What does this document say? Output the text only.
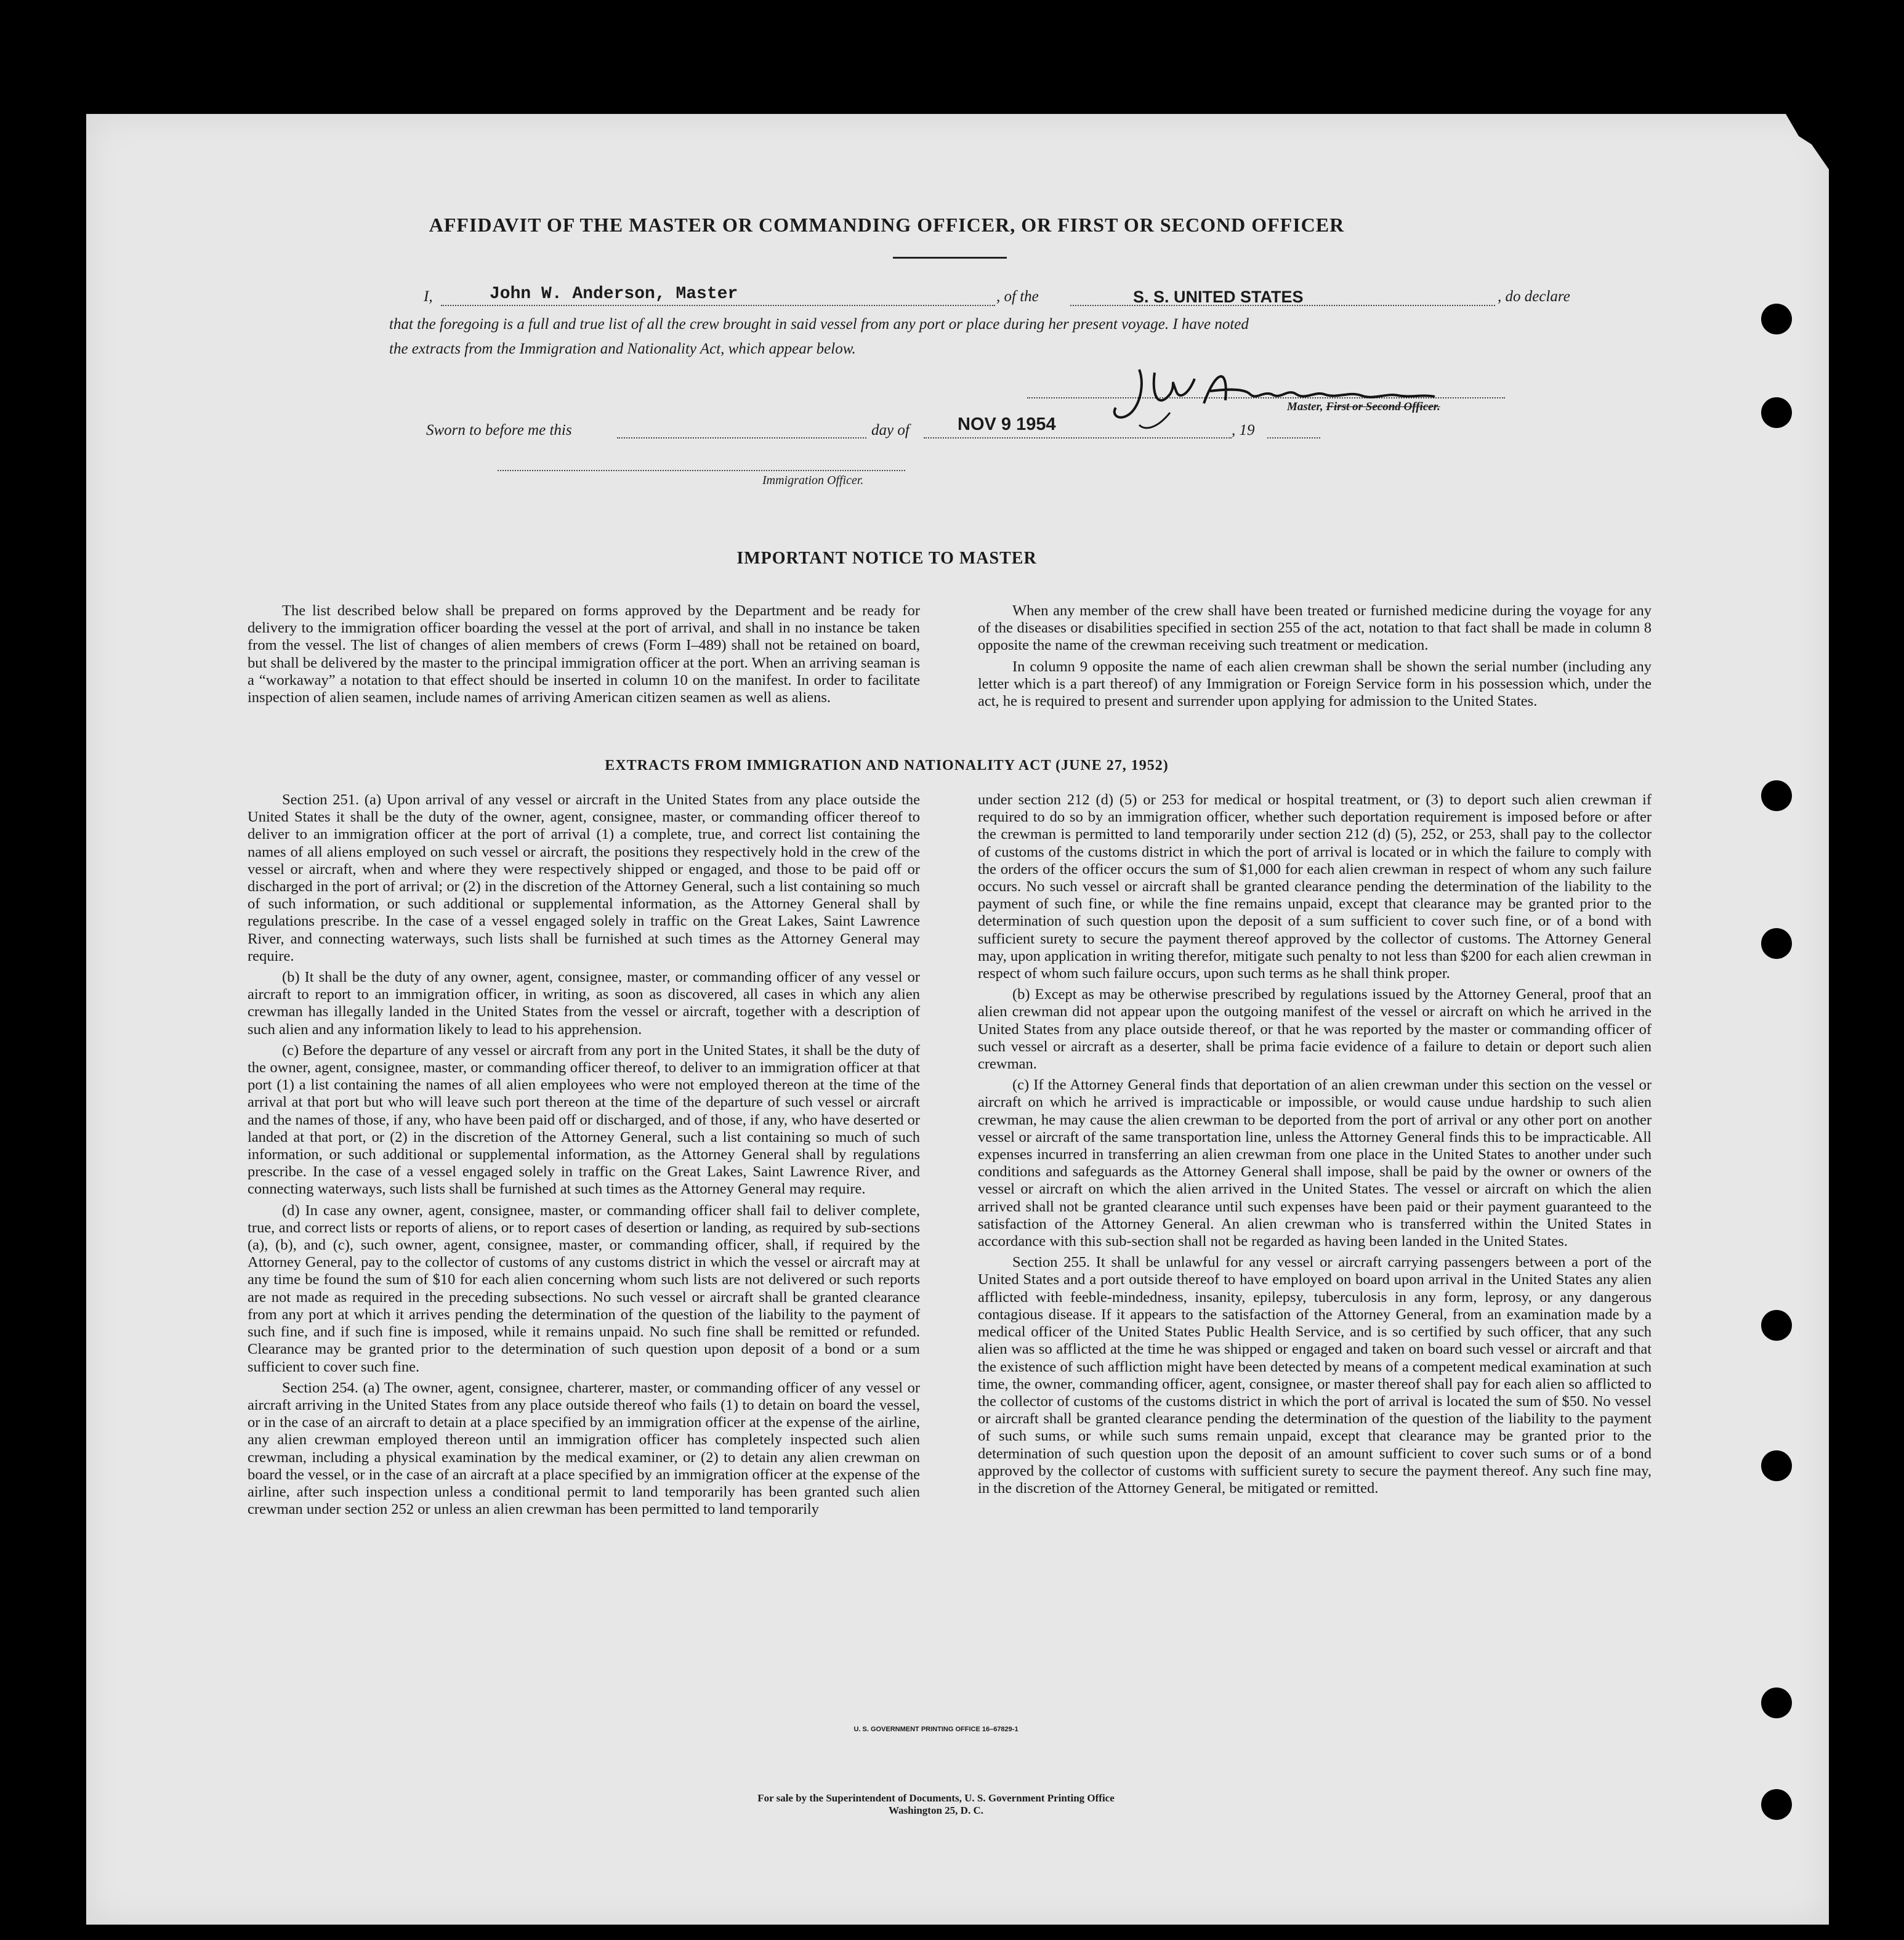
AFFIDAVIT OF THE MASTER OR COMMANDING OFFICER, OR FIRST OR SECOND OFFICER
I,	John W. Anderson, Master	, of the	S. S. UNITED STATES	, do declare
that the foregoing is a full and true list of all the crew brought in said vessel from any port or place during her present voyage. I have noted
the extracts from the Immigration and Nationality Act, which appear below.
Master, First or Second Officer.
Sworn to before me this	day of	NOV 9 1954	, 19
Immigration Officer.
IMPORTANT NOTICE TO MASTER

The list described below shall be prepared on forms approved by the Department and be ready for delivery to the immigration officer boarding the vessel at the port of arrival, and shall in no instance be taken from the vessel. The list of changes of alien members of crews (Form I–489) shall not be retained on board, but shall be delivered by the master to the principal immigration officer at the port. When an arriving seaman is a “workaway” a notation to that effect should be inserted in column 10 on the manifest. In order to facilitate inspection of alien seamen, include names of arriving American citizen seamen as well as aliens.

When any member of the crew shall have been treated or furnished medicine during the voyage for any of the diseases or disabilities specified in section 255 of the act, notation to that fact shall be made in column 8 opposite the name of the crewman receiving such treatment or medication.

In column 9 opposite the name of each alien crewman shall be shown the serial number (including any letter which is a part thereof) of any Immigration or Foreign Service form in his possession which, under the act, he is required to present and surrender upon applying for admission to the United States.

EXTRACTS FROM IMMIGRATION AND NATIONALITY ACT (JUNE 27, 1952)

Section 251. (a) Upon arrival of any vessel or aircraft in the United States from any place outside the United States it shall be the duty of the owner, agent, consignee, master, or commanding officer thereof to deliver to an immigration officer at the port of arrival (1) a complete, true, and correct list containing the names of all aliens employed on such vessel or aircraft, the positions they respectively hold in the crew of the vessel or aircraft, when and where they were respectively shipped or engaged, and those to be paid off or discharged in the port of arrival; or (2) in the discretion of the Attorney General, such a list containing so much of such information, or such additional or supplemental information, as the Attorney General shall by regulations prescribe. In the case of a vessel engaged solely in traffic on the Great Lakes, Saint Lawrence River, and connecting waterways, such lists shall be furnished at such times as the Attorney General may require.

(b) It shall be the duty of any owner, agent, consignee, master, or commanding officer of any vessel or aircraft to report to an immigration officer, in writing, as soon as discovered, all cases in which any alien crewman has illegally landed in the United States from the vessel or aircraft, together with a description of such alien and any information likely to lead to his apprehension.

(c) Before the departure of any vessel or aircraft from any port in the United States, it shall be the duty of the owner, agent, consignee, master, or commanding officer thereof, to deliver to an immigration officer at that port (1) a list containing the names of all alien employees who were not employed thereon at the time of the arrival at that port but who will leave such port thereon at the time of the departure of such vessel or aircraft and the names of those, if any, who have been paid off or discharged, and of those, if any, who have deserted or landed at that port, or (2) in the discretion of the Attorney General, such a list containing so much of such information, or such additional or supplemental information, as the Attorney General shall by regulations prescribe. In the case of a vessel engaged solely in traffic on the Great Lakes, Saint Lawrence River, and connecting waterways, such lists shall be furnished at such times as the Attorney General may require.

(d) In case any owner, agent, consignee, master, or commanding officer shall fail to deliver complete, true, and correct lists or reports of aliens, or to report cases of desertion or landing, as required by sub-sections (a), (b), and (c), such owner, agent, consignee, master, or commanding officer, shall, if required by the Attorney General, pay to the collector of customs of any customs district in which the vessel or aircraft may at any time be found the sum of $10 for each alien concerning whom such lists are not delivered or such reports are not made as required in the preceding subsections. No such vessel or aircraft shall be granted clearance from any port at which it arrives pending the determination of the question of the liability to the payment of such fine, and if such fine is imposed, while it remains unpaid. No such fine shall be remitted or refunded. Clearance may be granted prior to the determination of such question upon deposit of a bond or a sum sufficient to cover such fine.

Section 254. (a) The owner, agent, consignee, charterer, master, or commanding officer of any vessel or aircraft arriving in the United States from any place outside thereof who fails (1) to detain on board the vessel, or in the case of an aircraft to detain at a place specified by an immigration officer at the expense of the airline, any alien crewman employed thereon until an immigration officer has completely inspected such alien crewman, including a physical examination by the medical examiner, or (2) to detain any alien crewman on board the vessel, or in the case of an aircraft at a place specified by an immigration officer at the expense of the airline, after such inspection unless a conditional permit to land temporarily has been granted such alien crewman under section 252 or unless an alien crewman has been permitted to land temporarily

under section 212 (d) (5) or 253 for medical or hospital treatment, or (3) to deport such alien crewman if required to do so by an immigration officer, whether such deportation requirement is imposed before or after the crewman is permitted to land temporarily under section 212 (d) (5), 252, or 253, shall pay to the collector of customs of the customs district in which the port of arrival is located or in which the failure to comply with the orders of the officer occurs the sum of $1,000 for each alien crewman in respect of whom any such failure occurs. No such vessel or aircraft shall be granted clearance pending the determination of the liability to the payment of such fine, or while the fine remains unpaid, except that clearance may be granted prior to the determination of such question upon the deposit of a sum sufficient to cover such fine, or of a bond with sufficient surety to secure the payment thereof approved by the collector of customs. The Attorney General may, upon application in writing therefor, mitigate such penalty to not less than $200 for each alien crewman in respect of whom such failure occurs, upon such terms as he shall think proper.

(b) Except as may be otherwise prescribed by regulations issued by the Attorney General, proof that an alien crewman did not appear upon the outgoing manifest of the vessel or aircraft on which he arrived in the United States from any place outside thereof, or that he was reported by the master or commanding officer of such vessel or aircraft as a deserter, shall be prima facie evidence of a failure to detain or deport such alien crewman.

(c) If the Attorney General finds that deportation of an alien crewman under this section on the vessel or aircraft on which he arrived is impracticable or impossible, or would cause undue hardship to such alien crewman, he may cause the alien crewman to be deported from the port of arrival or any other port on another vessel or aircraft of the same transportation line, unless the Attorney General finds this to be impracticable. All expenses incurred in transferring an alien crewman from one place in the United States to another under such conditions and safeguards as the Attorney General shall impose, shall be paid by the owner or owners of the vessel or aircraft on which the alien arrived in the United States. The vessel or aircraft on which the alien arrived shall not be granted clearance until such expenses have been paid or their payment guaranteed to the satisfaction of the Attorney General. An alien crewman who is transferred within the United States in accordance with this sub-section shall not be regarded as having been landed in the United States.

Section 255. It shall be unlawful for any vessel or aircraft carrying passengers between a port of the United States and a port outside thereof to have employed on board upon arrival in the United States any alien afflicted with feeble-mindedness, insanity, epilepsy, tuberculosis in any form, leprosy, or any dangerous contagious disease. If it appears to the satisfaction of the Attorney General, from an examination made by a medical officer of the United States Public Health Service, and is so certified by such officer, that any such alien was so afflicted at the time he was shipped or engaged and taken on board such vessel or aircraft and that the existence of such affliction might have been detected by means of a competent medical examination at such time, the owner, commanding officer, agent, consignee, or master thereof shall pay for each alien so afflicted to the collector of customs of the customs district in which the port of arrival is located the sum of $50. No vessel or aircraft shall be granted clearance pending the determination of the question of the liability to the payment of such sums, or while such sums remain unpaid, except that clearance may be granted prior to the determination of such question upon the deposit of an amount sufficient to cover such sums or of a bond approved by the collector of customs with sufficient surety to secure the payment thereof. Any such fine may, in the discretion of the Attorney General, be mitigated or remitted.

U. S. GOVERNMENT PRINTING OFFICE 16–67829-1
For sale by the Superintendent of Documents, U. S. Government Printing Office
Washington 25, D. C.
